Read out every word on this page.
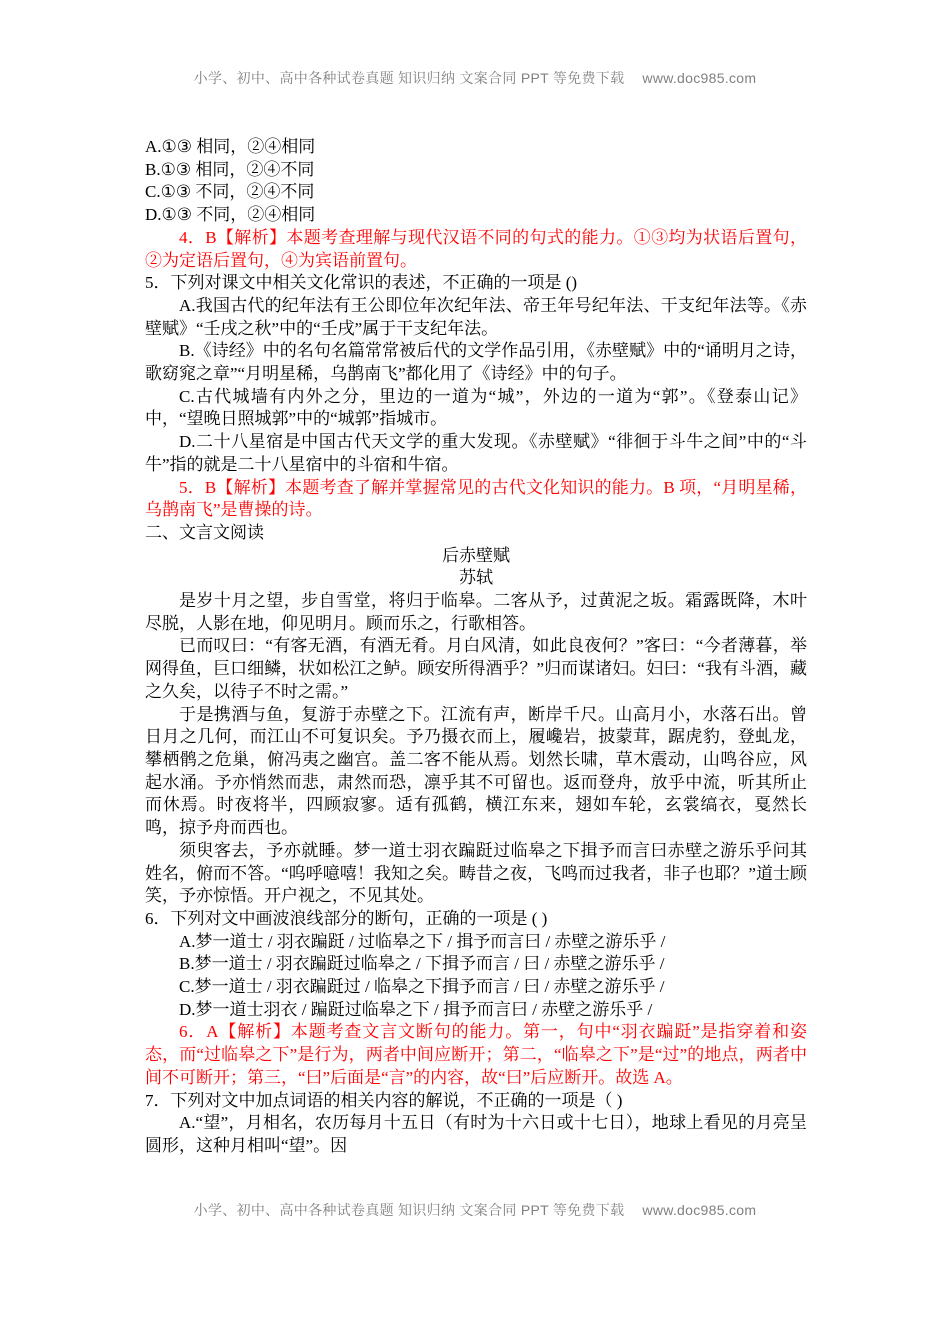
小学、初中、高中各种试卷真题 知识归纳 文案合同 PPT 等免费下载 www.doc985.com

A.①③ 相同，②④相同

B.①③ 相同，②④不同

C.①③ 不同，②④不同

D.①③ 不同，②④相同

4．B【解析】本题考查理解与现代汉语不同的句式的能力。①③均为状语后置句，②为定语后置句，④为宾语前置句。

5．下列对课文中相关文化常识的表述，不正确的一项是 ()

A.我国古代的纪年法有王公即位年次纪年法、帝王年号纪年法、干支纪年法等。《赤壁赋》“壬戌之秋”中的“壬戌”属于干支纪年法。

B.《诗经》中的名句名篇常常被后代的文学作品引用，《赤壁赋》中的“诵明月之诗，歌窈窕之章”“月明星稀，乌鹊南飞”都化用了《诗经》中的句子。

C.古代城墙有内外之分，里边的一道为“城”，外边的一道为“郭”。《登泰山记》中，“望晚日照城郭”中的“城郭”指城市。

D.二十八星宿是中国古代天文学的重大发现。《赤壁赋》“徘徊于斗牛之间”中的“斗牛”指的就是二十八星宿中的斗宿和牛宿。

5．B【解析】本题考查了解并掌握常见的古代文化知识的能力。B 项，“月明星稀，乌鹊南飞”是曹操的诗。

二、文言文阅读

后赤壁赋

苏轼

是岁十月之望，步自雪堂，将归于临皋。二客从予，过黄泥之坂。霜露既降，木叶尽脱，人影在地，仰见明月。顾而乐之，行歌相答。

已而叹曰：“有客无酒，有酒无肴。月白风清，如此良夜何？”客曰：“今者薄暮，举网得鱼，巨口细鳞，状如松江之鲈。顾安所得酒乎？”归而谋诸妇。妇曰：“我有斗酒，藏之久矣，以待子不时之需。”

于是携酒与鱼，复游于赤壁之下。江流有声，断岸千尺。山高月小，水落石出。曾日月之几何，而江山不可复识矣。予乃摄衣而上，履巉岩，披蒙茸，踞虎豹，登虬龙，攀栖鹘之危巢，俯冯夷之幽宫。盖二客不能从焉。划然长啸，草木震动，山鸣谷应，风起水涌。予亦悄然而悲，肃然而恐，凛乎其不可留也。返而登舟，放乎中流，听其所止而休焉。时夜将半，四顾寂寥。适有孤鹤，横江东来，翅如车轮，玄裳缟衣，戛然长鸣，掠予舟而西也。

须臾客去，予亦就睡。梦一道士羽衣蹁跹过临皋之下揖予而言曰赤壁之游乐乎问其姓名，俯而不答。“呜呼噫嘻！我知之矣。畴昔之夜，飞鸣而过我者，非子也耶？”道士顾笑，予亦惊悟。开户视之，不见其处。

6．下列对文中画波浪线部分的断句，正确的一项是 ( )

A.梦一道士 / 羽衣蹁跹 / 过临皋之下 / 揖予而言曰 / 赤壁之游乐乎 /

B.梦一道士 / 羽衣蹁跹过临皋之 / 下揖予而言 / 曰 / 赤壁之游乐乎 /

C.梦一道士 / 羽衣蹁跹过 / 临皋之下揖予而言 / 曰 / 赤壁之游乐乎 /

D.梦一道士羽衣 / 蹁跹过临皋之下 / 揖予而言曰 / 赤壁之游乐乎 /

6．A【解析】本题考查文言文断句的能力。第一，句中“羽衣蹁跹”是指穿着和姿态，而“过临皋之下”是行为，两者中间应断开；第二，“临皋之下”是“过”的地点，两者中间不可断开；第三，“曰”后面是“言”的内容，故“曰”后应断开。故选 A。

7．下列对文中加点词语的相关内容的解说，不正确的一项是（ )

A.“望”，月相名，农历每月十五日（有时为十六日或十七日），地球上看见的月亮呈圆形，这种月相叫“望”。因

小学、初中、高中各种试卷真题 知识归纳 文案合同 PPT 等免费下载 www.doc985.com
